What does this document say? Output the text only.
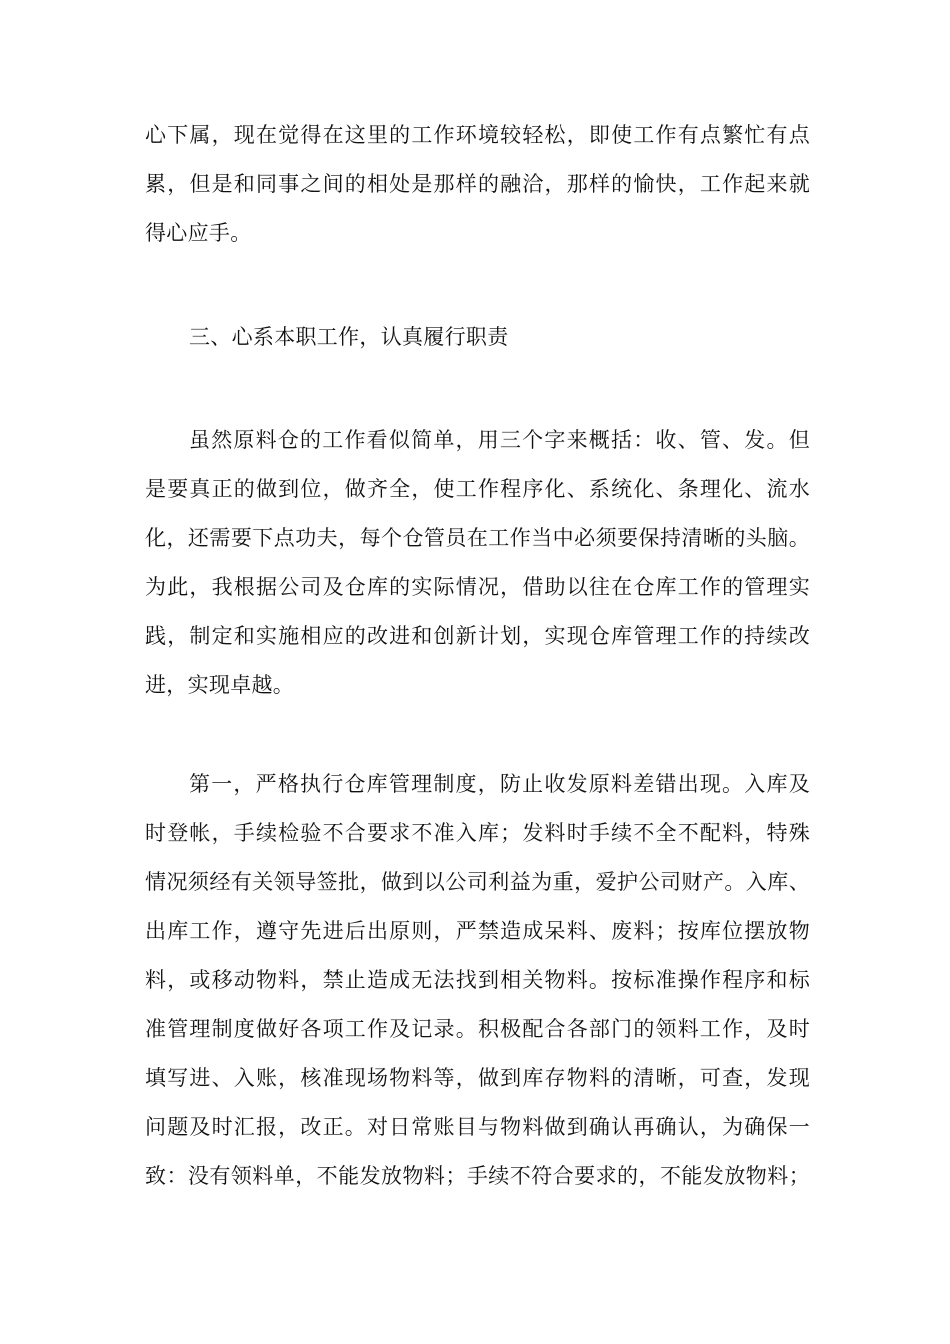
心下属，现在觉得在这里的工作环境较轻松，即使工作有点繁忙有点
累，但是和同事之间的相处是那样的融洽，那样的愉快，工作起来就
得心应手。
三、心系本职工作，认真履行职责
虽然原料仓的工作看似简单，用三个字来概括：收、管、发。但
是要真正的做到位，做齐全，使工作程序化、系统化、条理化、流水
化，还需要下点功夫，每个仓管员在工作当中必须要保持清晰的头脑。
为此，我根据公司及仓库的实际情况，借助以往在仓库工作的管理实
践，制定和实施相应的改进和创新计划，实现仓库管理工作的持续改
进，实现卓越。
第一，严格执行仓库管理制度，防止收发原料差错出现。入库及
时登帐，手续检验不合要求不准入库；发料时手续不全不配料，特殊
情况须经有关领导签批，做到以公司利益为重，爱护公司财产。入库、
出库工作，遵守先进后出原则，严禁造成呆料、废料；按库位摆放物
料，或移动物料，禁止造成无法找到相关物料。按标准操作程序和标
准管理制度做好各项工作及记录。积极配合各部门的领料工作，及时
填写进、入账，核准现场物料等，做到库存物料的清晰，可查，发现
问题及时汇报，改正。对日常账目与物料做到确认再确认，为确保一
致：没有领料单，不能发放物料；手续不符合要求的，不能发放物料；
